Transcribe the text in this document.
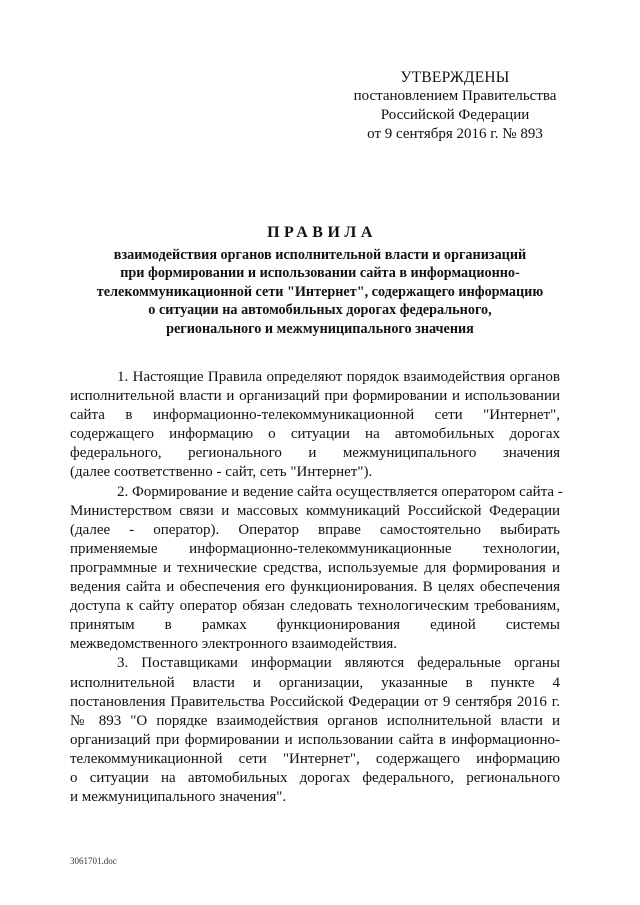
УТВЕРЖДЕНЫ
постановлением Правительства
Российской Федерации
от 9 сентября 2016 г. № 893
ПРАВИЛА
взаимодействия органов исполнительной власти и организаций
при формировании и использовании сайта в информационно-
телекоммуникационной сети "Интернет", содержащего информацию
о ситуации на автомобильных дорогах федерального,
регионального и межмуниципального значения
1. Настоящие Правила определяют порядок взаимодействия органов
исполнительной власти и организаций при формировании и использовании
сайта в информационно-телекоммуникационной сети "Интернет",
содержащего информацию о ситуации на автомобильных дорогах
федерального, регионального и межмуниципального значения
(далее соответственно - сайт, сеть "Интернет").
2. Формирование и ведение сайта осуществляется оператором сайта -
Министерством связи и массовых коммуникаций Российской Федерации
(далее - оператор). Оператор вправе самостоятельно выбирать
применяемые информационно-телекоммуникационные технологии,
программные и технические средства, используемые для формирования и
ведения сайта и обеспечения его функционирования. В целях обеспечения
доступа к сайту оператор обязан следовать технологическим требованиям,
принятым в рамках функционирования единой системы
межведомственного электронного взаимодействия.
3. Поставщиками информации являются федеральные органы
исполнительной власти и организации, указанные в пункте 4
постановления Правительства Российской Федерации от 9 сентября 2016 г.
№ 893 "О порядке взаимодействия органов исполнительной власти и
организаций при формировании и использовании сайта в информационно-
телекоммуникационной сети "Интернет", содержащего информацию
о ситуации на автомобильных дорогах федерального, регионального
и межмуниципального значения".
3061701.doc
